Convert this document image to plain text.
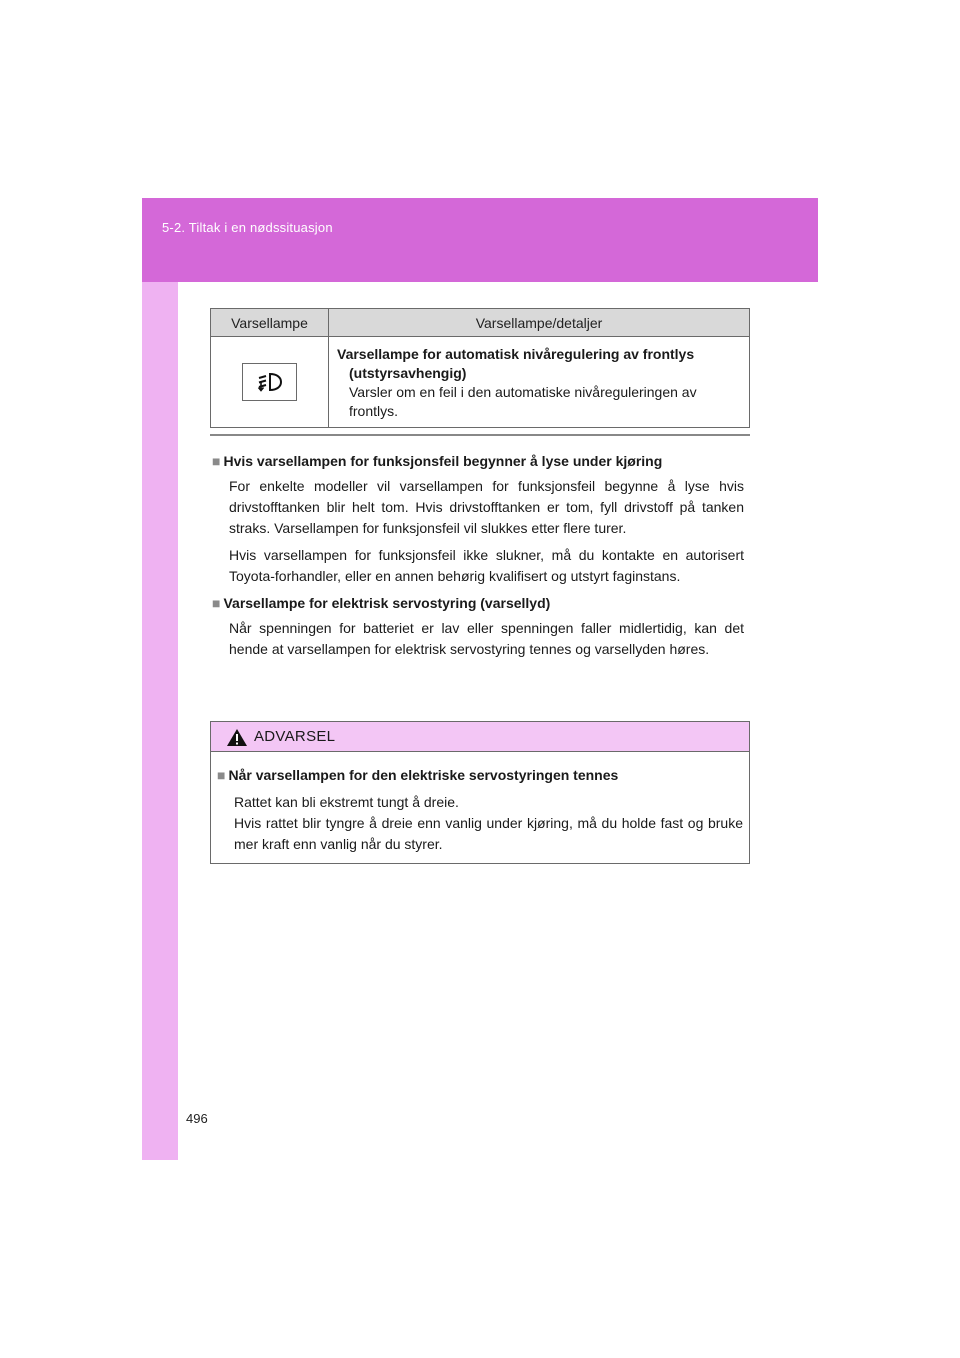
5-2. Tiltak i en nødssituasjon
Varsellampe	Varsellampe/detaljer

Varsellampe for automatisk nivåregulering av frontlys
(utstyrsavhengig)
Varsler om en feil i den automatiske nivåreguleringen av frontlys.

■ Hvis varsellampen for funksjonsfeil begynner å lyse under kjøring

For enkelte modeller vil varsellampen for funksjonsfeil begynne å lyse hvis drivstofftanken blir helt tom. Hvis drivstofftanken er tom, fyll drivstoff på tanken straks. Varsellampen for funksjonsfeil vil slukkes etter flere turer.

Hvis varsellampen for funksjonsfeil ikke slukner, må du kontakte en autorisert Toyota-forhandler, eller en annen behørig kvalifisert og utstyrt faginstans.

■ Varsellampe for elektrisk servostyring (varsellyd)

Når spenningen for batteriet er lav eller spenningen faller midlertidig, kan det hende at varsellampen for elektrisk servostyring tennes og varsellyden høres.

ADVARSEL

■ Når varsellampen for den elektriske servostyringen tennes

Rattet kan bli ekstremt tungt å dreie.
Hvis rattet blir tyngre å dreie enn vanlig under kjøring, må du holde fast og bruke mer kraft enn vanlig når du styrer.

496
